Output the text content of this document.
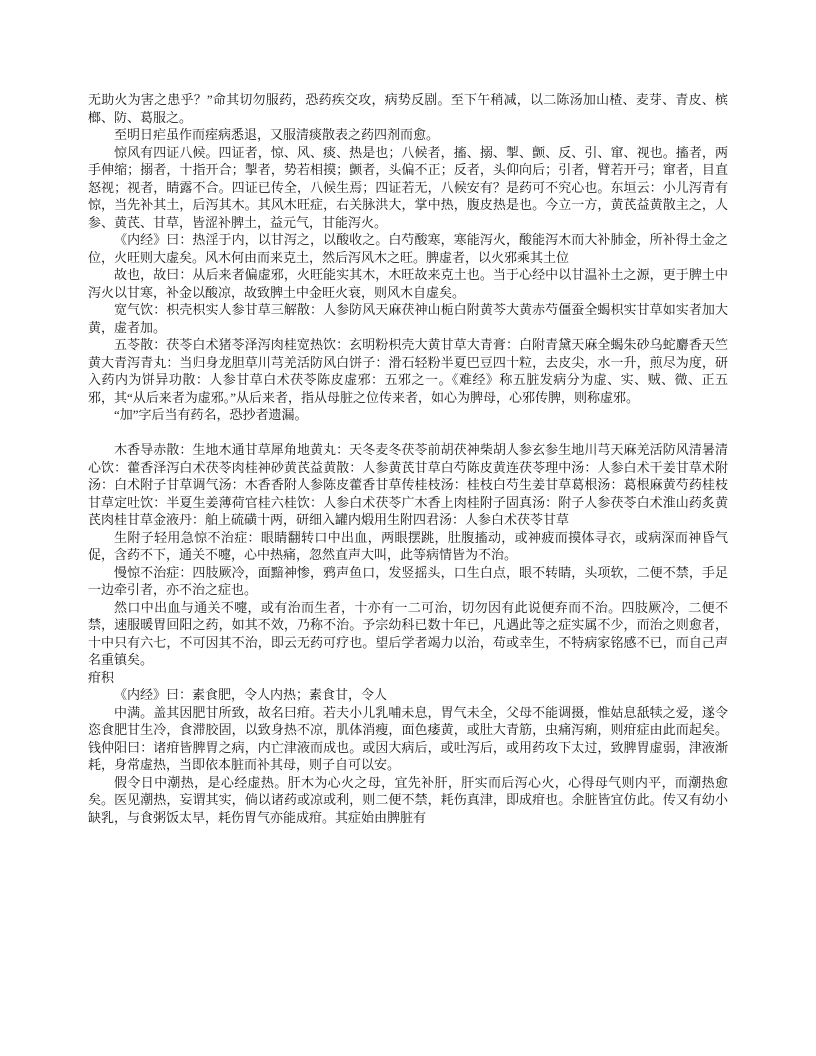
无助火为害之患乎？”命其切勿服药，恐药疾交攻，病势反剧。至下午稍减，以二陈汤加山楂、麦芽、青皮、槟榔、防、葛服之。

至明日疟虽作而痓病悉退，又服清痰散表之药四剂而愈。

惊风有四证八候。四证者，惊、风、痰、热是也；八候者，搐、搦、掣、颤、反、引、窜、视也。搐者，两手伸缩；搦者，十指开合；掣者，势若相摸；颤者，头偏不正；反者，头仰向后；引者，臂若开弓；窜者，目直怒视；视者，睛露不合。四证已传全，八候生焉；四证若无，八候安有？是药可不究心也。东垣云：小儿泻青有惊，当先补其土，后泻其木。其风木旺症，右关脉洪大，掌中热，腹皮热是也。今立一方，黄芪益黄散主之，人参、黄芪、甘草，皆涩补脾土，益元气，甘能泻火。

《内经》曰：热淫于内，以甘泻之，以酸收之。白芍酸寒，寒能泻火，酸能泻木而大补肺金，所补得土金之位，火旺则大虚矣。风木何由而来克土，然后泻风木之旺。脾虚者，以火邪乘其土位

故也，故曰：从后来者偏虚邪，火旺能实其木，木旺故来克土也。当于心经中以甘温补土之源，更于脾土中泻火以甘寒，补金以酸凉，故致脾土中金旺火衰，则风木自虚矣。

宽气饮：枳壳枳实人参甘草三解散：人参防风天麻茯神山栀白附黄芩大黄赤芍僵蚕全蝎枳实甘草如实者加大黄，虚者加。

五苓散：茯苓白术猪苓泽泻肉桂宽热饮：玄明粉枳壳大黄甘草大青膏：白附青黛天麻全蝎朱砂乌蛇麝香天竺黄大青泻青丸：当归身龙胆草川芎羌活防风白饼子：滑石轻粉半夏巴豆四十粒，去皮尖，水一升，煎尽为度，研入药内为饼异功散：人参甘草白术茯苓陈皮虚邪：五邪之一。《难经》称五脏发病分为虚、实、贼、微、正五邪，其“从后来者为虚邪。”从后来者，指从母脏之位传来者，如心为脾母，心邪传脾，则称虚邪。

“加”字后当有药名，恐抄者遗漏。

木香导赤散：生地木通甘草犀角地黄丸：天冬麦冬茯苓前胡茯神柴胡人参玄参生地川芎天麻羌活防风清暑清心饮：藿香泽泻白术茯苓肉桂神砂黄芪益黄散：人参黄芪甘草白芍陈皮黄连茯苓理中汤：人参白术干姜甘草术附汤：白术附子甘草调气汤：木香香附人参陈皮藿香甘草传桂枝汤：桂枝白芍生姜甘草葛根汤：葛根麻黄芍药桂枝甘草定吐饮：半夏生姜薄荷官桂六桂饮：人参白术茯苓广木香上肉桂附子固真汤：附子人参茯苓白术淮山药炙黄芪肉桂甘草金液丹：舶上硫磺十两，研细入罐内煅用生附四君汤：人参白术茯苓甘草

生附子轻用急惊不治症：眼睛翻转口中出血，两眼摆跳，肚腹搐动，或神疲而摸体寻衣，或病深而神昏气促，含药不下，通关不嚏，心中热痛，忽然直声大叫，此等病情皆为不治。

慢惊不治症：四肢厥冷，面黯神惨，鸦声鱼口，发竖摇头，口生白点，眼不转睛，头项软，二便不禁，手足一边牵引者，亦不治之症也。

然口中出血与通关不嚏，或有治而生者，十亦有一二可治，切勿因有此说便弃而不治。四肢厥冷，二便不禁，速服暖胃回阳之药，如其不效，乃称不治。予宗幼科已数十年已，凡遇此等之症实属不少，而治之则愈者，十中只有六七，不可因其不治，即云无药可疗也。望后学者竭力以治，苟或幸生，不特病家铭感不已，而自己声名重镇矣。

疳积

《内经》曰：素食肥，令人内热；素食甘，令人

中满。盖其因肥甘所致，故名曰疳。若夫小儿乳哺未息，胃气未全，父母不能调摄，惟姑息舐犊之爱，遂令恣食肥甘生冷，食滞胶固，以致身热不凉，肌体消瘦，面色痿黄，或肚大青筋，虫痛泻痢，则疳症由此而起矣。钱仲阳曰：诸疳皆脾胃之病，内亡津液而成也。或因大病后，或吐泻后，或用药攻下太过，致脾胃虚弱，津液渐耗，身常虚热，当即依本脏而补其母，则子自可以安。

假令日中潮热，是心经虚热。肝木为心火之母，宜先补肝，肝实而后泻心火，心得母气则内平，而潮热愈矣。医见潮热，妄谓其实，倘以诸药或凉或利，则二便不禁，耗伤真津，即成疳也。余脏皆宜仿此。传又有幼小缺乳，与食粥饭太早，耗伤胃气亦能成疳。其症始由脾脏有
